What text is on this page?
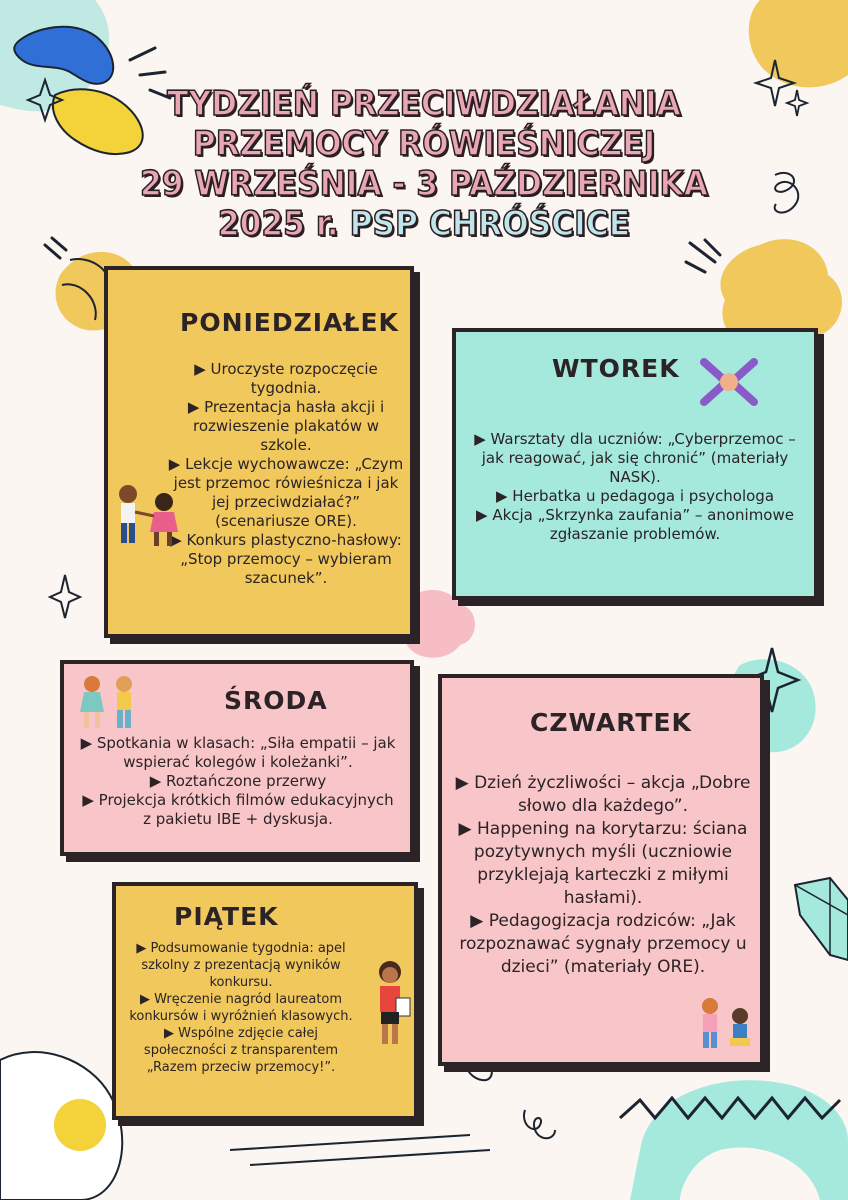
TYDZIEŃ PRZECIWDZIAŁANIA
PRZEMOCY RÓWIEŚNICZEJ
29 WRZEŚNIA - 3 PAŹDZIERNIKA
2025 r. PSP CHRÓŚCICE
PONIEDZIAŁEK

▶ Uroczyste rozpoczęcie tygodnia.

▶ Prezentacja hasła akcji i rozwieszenie plakatów w szkole.

▶ Lekcje wychowawcze: „Czym jest przemoc rówieśnicza i jak jej przeciwdziałać?” (scenariusze ORE).

▶ Konkurs plastyczno-hasłowy: „Stop przemocy – wybieram szacunek”.

WTOREK

▶ Warsztaty dla uczniów: „Cyberprzemoc – jak reagować, jak się chronić” (materiały NASK).

▶ Herbatka u pedagoga i psychologa

▶ Akcja „Skrzynka zaufania” – anonimowe zgłaszanie problemów.

ŚRODA

▶ Spotkania w klasach: „Siła empatii – jak wspierać kolegów i koleżanki”.

▶ Roztańczone przerwy

▶ Projekcja krótkich filmów edukacyjnych z pakietu IBE + dyskusja.

CZWARTEK

▶ Dzień życzliwości – akcja „Dobre słowo dla każdego”.

▶ Happening na korytarzu: ściana pozytywnych myśli (uczniowie przyklejają karteczki z miłymi hasłami).

▶ Pedagogizacja rodziców: „Jak rozpoznawać sygnały przemocy u dzieci” (materiały ORE).

PIĄTEK

▶ Podsumowanie tygodnia: apel szkolny z prezentacją wyników konkursu.

▶ Wręczenie nagród laureatom konkursów i wyróżnień klasowych.

▶ Wspólne zdjęcie całej społeczności z transparentem „Razem przeciw przemocy!”.
